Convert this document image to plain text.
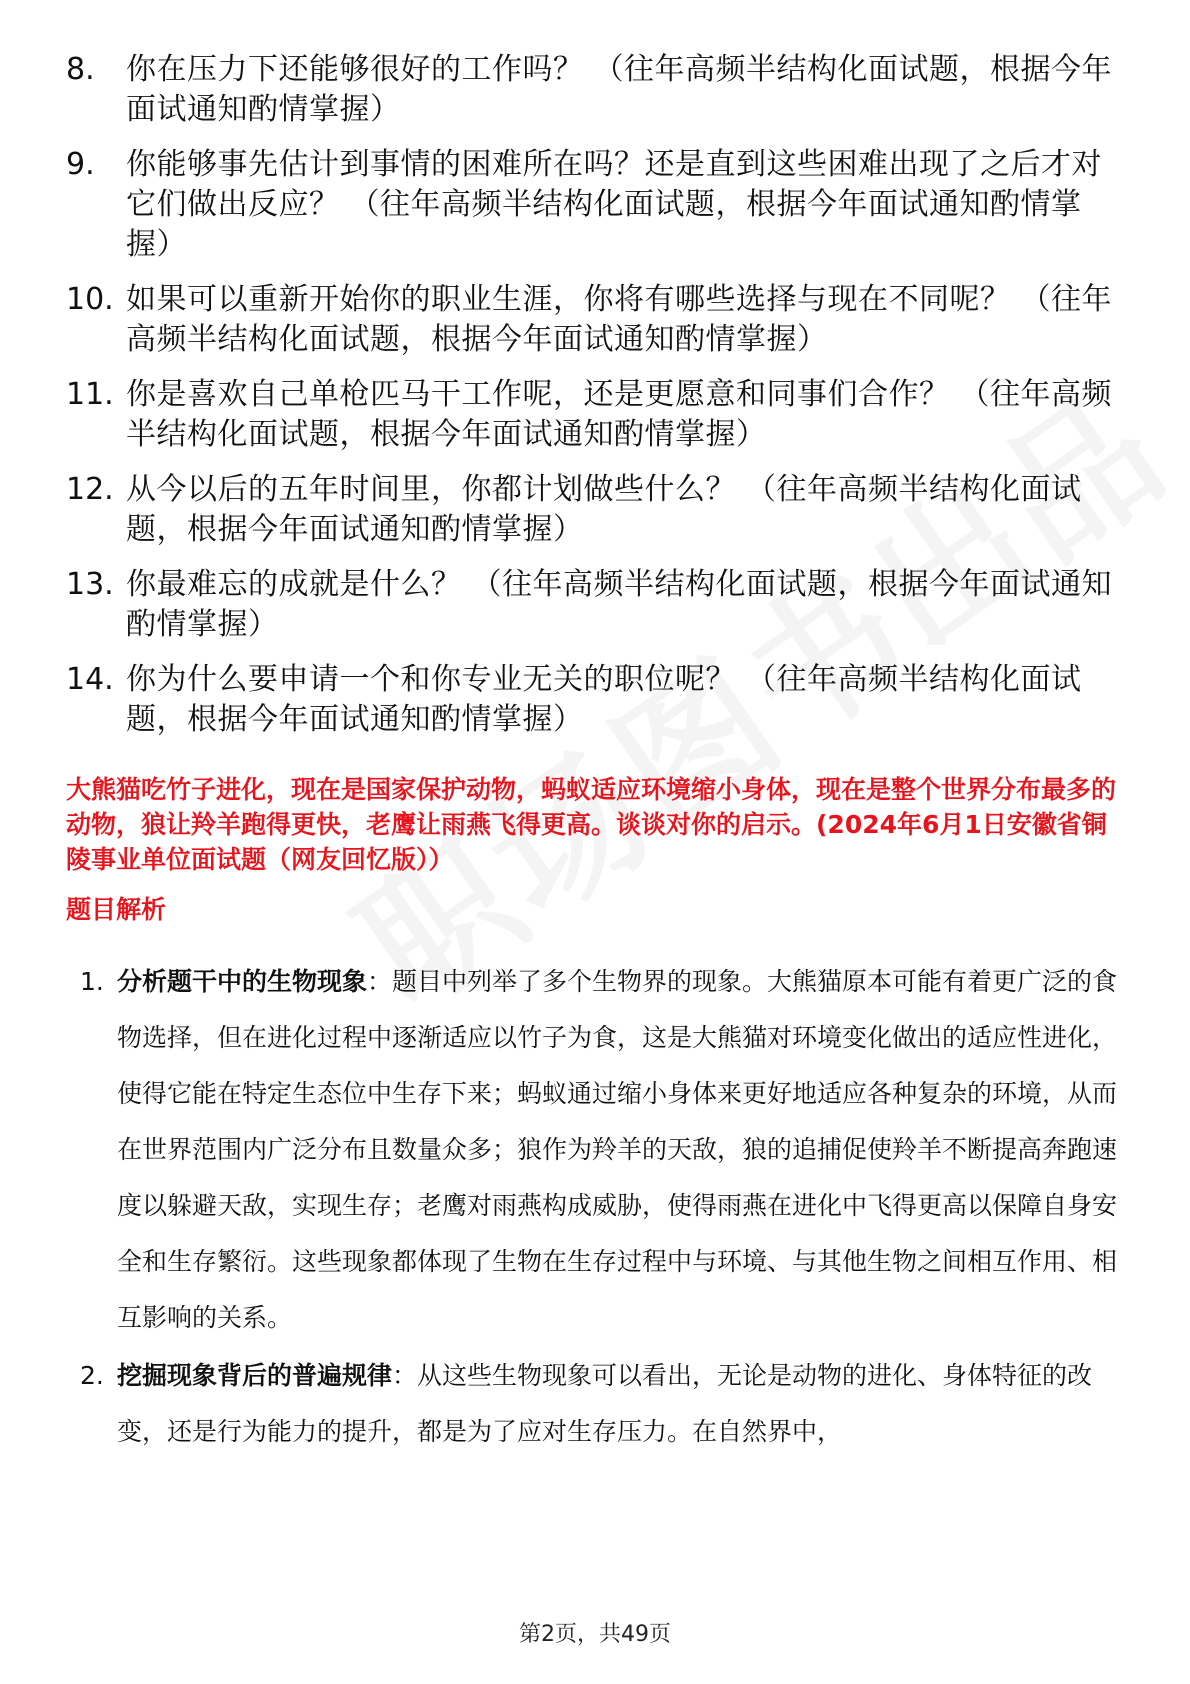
8.	你在压力下还能够很好的工作吗？ （往年高频半结构化面试题，根据今年面试通知酌情掌握）
9.	你能够事先估计到事情的困难所在吗？还是直到这些困难出现了之后才对它们做出反应？ （往年高频半结构化面试题，根据今年面试通知酌情掌握）
10. 如果可以重新开始你的职业生涯，你将有哪些选择与现在不同呢？ （往年高频半结构化面试题，根据今年面试通知酌情掌握）
11. 你是喜欢自己单枪匹马干工作呢，还是更愿意和同事们合作？ （往年高频半结构化面试题，根据今年面试通知酌情掌握）
12. 从今以后的五年时间里，你都计划做些什么？ （往年高频半结构化面试题，根据今年面试通知酌情掌握）
13. 你最难忘的成就是什么？ （往年高频半结构化面试题，根据今年面试通知酌情掌握）
14. 你为什么要申请一个和你专业无关的职位呢？ （往年高频半结构化面试题，根据今年面试通知酌情掌握）
大熊猫吃竹子进化，现在是国家保护动物，蚂蚁适应环境缩小身体，现在是整个世界分布最多的动物，狼让羚羊跑得更快，老鹰让雨燕飞得更高。谈谈对你的启示。(2024年6月1日安徽省铜陵事业单位面试题（网友回忆版））
题目解析
1. 分析题干中的生物现象：题目中列举了多个生物界的现象。大熊猫原本可能有着更广泛的食物选择，但在进化过程中逐渐适应以竹子为食，这是大熊猫对环境变化做出的适应性进化，使得它能在特定生态位中生存下来；蚂蚁通过缩小身体来更好地适应各种复杂的环境，从而在世界范围内广泛分布且数量众多；狼作为羚羊的天敌，狼的追捕促使羚羊不断提高奔跑速度以躲避天敌，实现生存；老鹰对雨燕构成威胁，使得雨燕在进化中飞得更高以保障自身安全和生存繁衍。这些现象都体现了生物在生存过程中与环境、与其他生物之间相互作用、相互影响的关系。
2. 挖掘现象背后的普遍规律：从这些生物现象可以看出，无论是动物的进化、身体特征的改变，还是行为能力的提升，都是为了应对生存压力。在自然界中，
第2页，共49页
